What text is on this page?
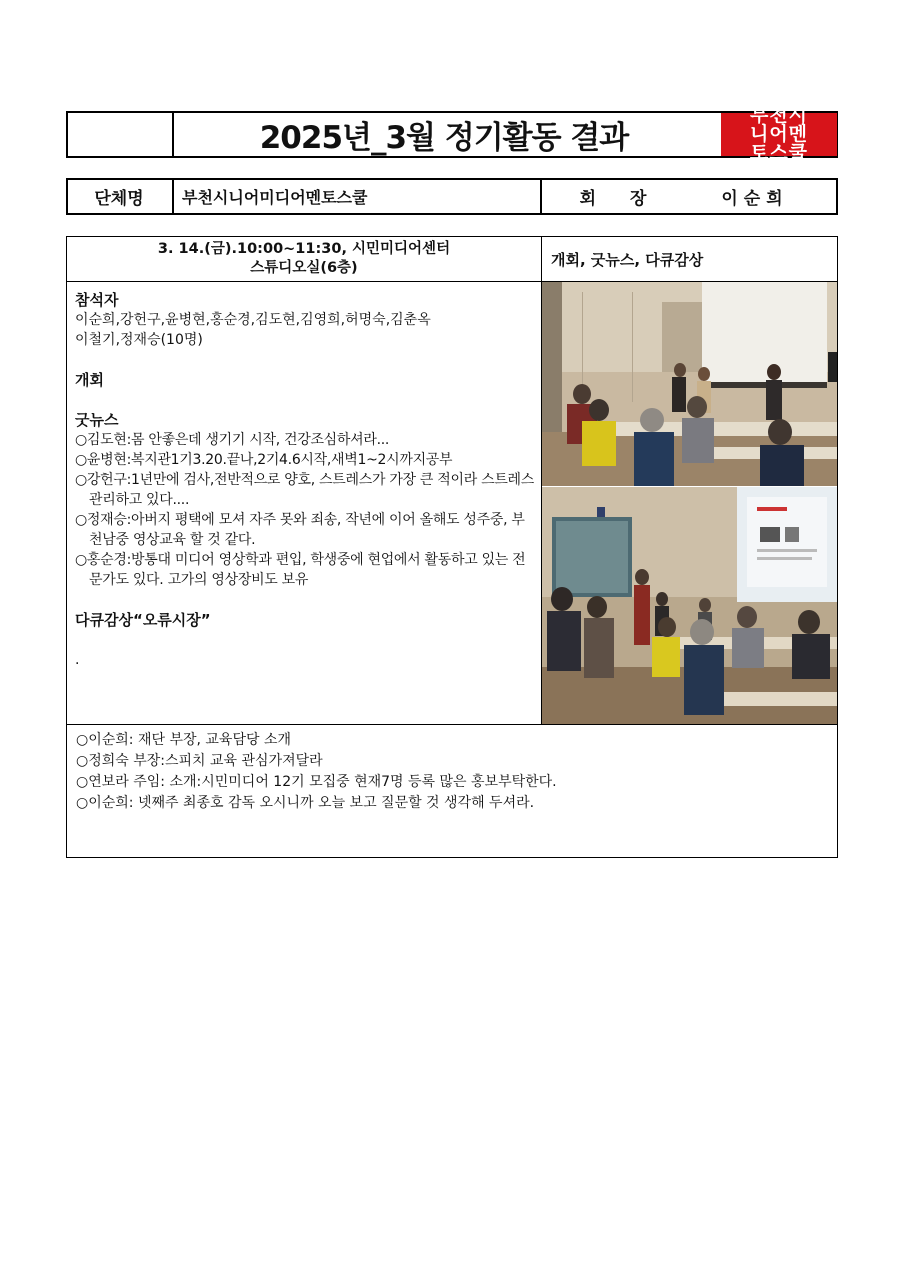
2025년_3월 정기활동 결과
부천시
니어멘
토스쿨
단체명	부천시니어미디어멘토스쿨	회 장	이순희
3. 14.(금).10:00~11:30, 시민미디어센터
스튜디오실(6층)	개회, 굿뉴스, 다큐감상

참석자

이순희,강헌구,윤병현,홍순경,김도현,김영희,허명숙,김춘옥

이철기,정재승(10명)

개회

굿뉴스

○김도현:몸 안좋은데 생기기 시작, 건강조심하셔라...

○윤병현:복지관1기3.20.끝나,2기4.6시작,새벽1~2시까지공부

○강헌구:1년만에 검사,전반적으로 양호, 스트레스가 가장 큰 적이라 스트레스 관리하고 있다....

○정재승:아버지 평택에 모셔 자주 못와 죄송, 작년에 이어 올해도 성주중, 부천남중 영상교육 할 것 같다.

○홍순경:방통대 미디어 영상학과 편입, 학생중에 현업에서 활동하고 있는 전문가도 있다. 고가의 영상장비도 보유

다큐감상“오류시장”

.

○이순희: 재단 부장, 교육담당 소개

○정희숙 부장:스피치 교육 관심가져달라

○연보라 주임: 소개:시민미디어 12기 모집중 현재7명 등록 많은 홍보부탁한다.

○이순희: 넷째주 최종호 감독 오시니까 오늘 보고 질문할 것 생각해 두셔라.
